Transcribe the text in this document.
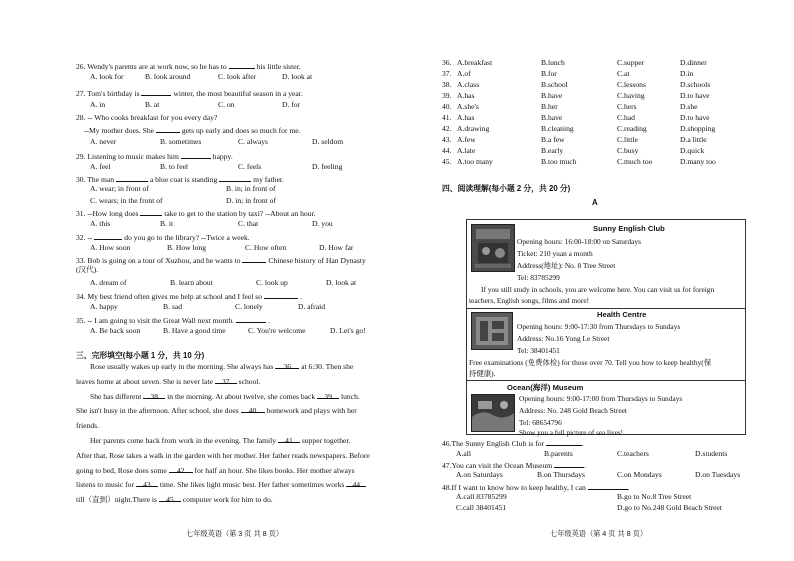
26. Wendy's parents are at work now, so he has to	his little sister.
A. look for	B. look around	C. look after	D. look at
27. Tom's birthday is	winter, the most beautiful season in a year.
A. in	B. at	C. on	D. for
28. -- Who cooks breakfast for you every day?
--My mother does. She	gets up early and does so much for me.
A. never	B. sometimes	C. always	D. seldom
29. Listening to music makes him	happy.
A. feel	B. to feel	C. feels	D. feeling
30. The man	a blue coat is standing	my father.
A. wear; in front of	B. in; in front of
C. wears; in the front of	D. in; in front of
31. --How long does	take to get to the station by taxi? --About an hour.
A. this	B. it	C. that	D. you
32. --	do you go to the library? --Twice a week.
A. How soon	B. How long	C. How often	D. How far
33. Bob is going on a tour of Xuzhou, and he wants to	Chinese history of Han Dynasty
(汉代).
A. dream of	B. learn about	C. look up	D. look at
34. My best friend often gives me help at school and I feel so	.
A. happy	B. sad	C. lonely	D. afraid
35. -- I am going to visit the Great Wall next month.	.
A. Be back soon	B. Have a good time	C. You're welcome	D. Let's go!
三、完形填空(每小题 1 分，共 10 分)
Rose usually wakes up early in the morning. She always has 36 at 6:30. Then she
leaves home at about seven. She is never late 37 school.
She has different 38 in the morning. At about twelve, she comes back 39 lunch.
She isn't busy in the afternoon. After school, she does 40 homework and plays with her
friends.
Her parents come back from work in the evening. The family 41 supper together.
After that, Rose takes a walk in the garden with her mother. Her father reads newspapers. Before
going to bed, Rose does some 42 for half an hour. She likes books. Her mother always
listens to music for 43 time. She likes light music best. Her father sometimes works 44
till（直到）night.There is 45 computer work for him to do.
七年级英语（第 3 页 共 8 页）
36. A.breakfast	B.lunch	C.supper	D.dinner
37. A.of	B.for	C.at	D.in
38. A.class	B.school	C.lessons	D.schools
39. A.has	B.have	C.having	D.to have
40. A.she's	B.her	C.hers	D.she
41. A.has	B.have	C.had	D.to have
42. A.drawing	B.cleaning	C.reading	D.shopping
43. A.few	B.a few	C.little	D.a little
44. A.late	B.early	C.busy	D.quick
45. A.too many	B.too much	C.much too	D.many too
四、阅读理解(每小题 2 分，共 20 分)
A
Sunny English Club
Opening hours: 16:00-18:00 on Saturdays
Ticket: 210 yuan a month
Address(地址): No. 8 Tree Street
Tel: 83785299
If you still study in schools, you are welcome here. You can visit us for foreign
teachers, English songs, films and more!
Health Centre
Opening hours: 9:00-17:30 from Thursdays to Sundays
Address: No.16 Yong Le Street
Tel: 38401451
Free examinations (免费体检) for those over 70. Tell you how to keep healthy(保
持健康).
Ocean(海洋) Museum
Opening hours: 9:00-17:00 from Thursdays to Sundays
Address: No. 248 Gold Beach Street
Tel: 68654796
Show you a full picture of sea lives!
46.The Sunny English Club is for	.
A.all	B.parents	C.teachers	D.students
47.You can visit the Ocean Museum	.
A.on Saturdays	B.on Thursdays	C.on Mondays	D.on Tuesdays
48.If I want to know how to keep healthy, I can	.
A.call 83785299	B.go to No.8 Tree Street
C.call 38401451	D.go to No.248 Gold Beach Street
七年级英语（第 4 页 共 8 页）
